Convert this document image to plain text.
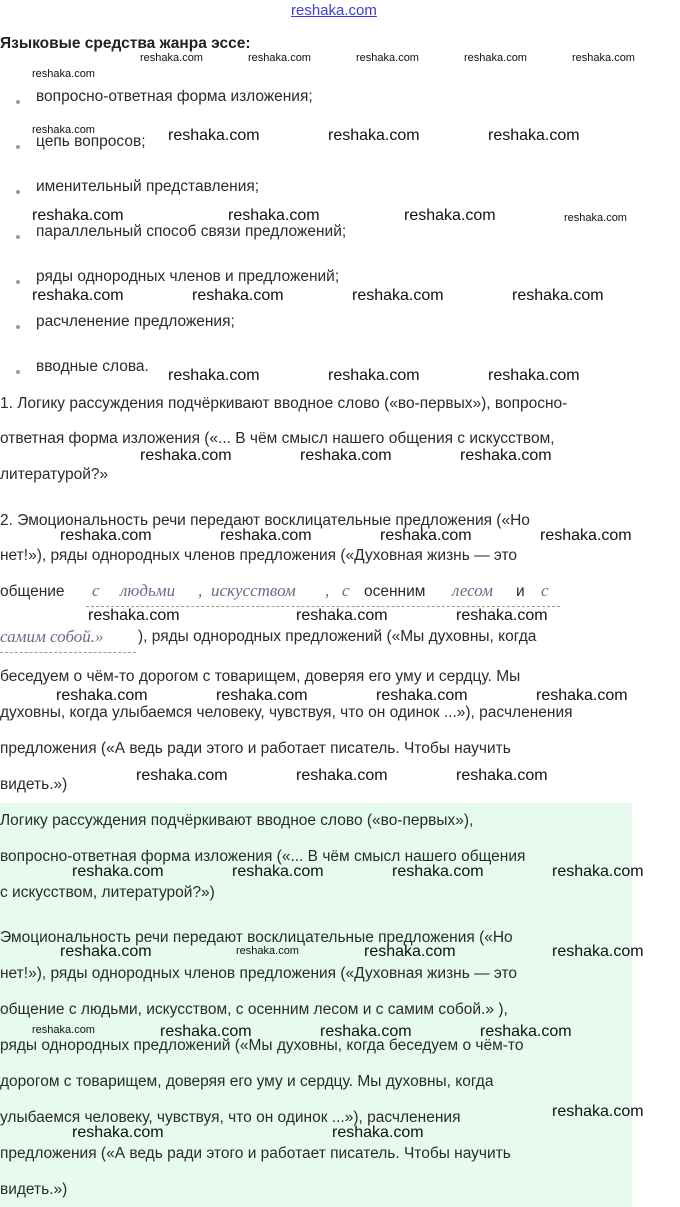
reshaka.com
Языковые средства жанра эссе:
вопросно-ответная форма изложения;
цепь вопросов;
именительный представления;
параллельный способ связи предложений;
ряды однородных членов и предложений;
расчленение предложения;
вводные слова.
1. Логику рассуждения подчёркивают вводное слово («во-первых»), вопросно-
ответная форма изложения («... В чём смысл нашего общения с искусством,
литературой?»
2. Эмоциональность речи передают восклицательные предложения («Но
нет!»), ряды однородных членов предложения («Духовная жизнь — это
общение с людьми , искусством , с осенним лесом и с
самим собой.» ), ряды однородных предложений («Мы духовны, когда
беседуем о чём-то дорогом с товарищем, доверяя его уму и сердцу. Мы
духовны, когда улыбаемся человеку, чувствуя, что он одинок ...»), расчленения
предложения («А ведь ради этого и работает писатель. Чтобы научить
видеть.»)
Логику рассуждения подчёркивают вводное слово («во-первых»),
вопросно-ответная форма изложения («... В чём смысл нашего общения
с искусством, литературой?»)
Эмоциональность речи передают восклицательные предложения («Но
нет!»), ряды однородных членов предложения («Духовная жизнь — это
общение с людьми, искусством, с осенним лесом и с самим собой.» ),
ряды однородных предложений («Мы духовны, когда беседуем о чём-то
дорогом с товарищем, доверяя его уму и сердцу. Мы духовны, когда
улыбаемся человеку, чувствуя, что он одинок ...»), расчленения
предложения («А ведь ради этого и работает писатель. Чтобы научить
видеть.»)
reshaka.com	reshaka.com	reshaka.com	reshaka.com	reshaka.com
reshaka.com
reshaka.com	reshaka.com	reshaka.com	reshaka.com
reshaka.com	reshaka.com	reshaka.com	reshaka.com
reshaka.com	reshaka.com	reshaka.com	reshaka.com
reshaka.com	reshaka.com	reshaka.com
reshaka.com	reshaka.com	reshaka.com
reshaka.com	reshaka.com	reshaka.com	reshaka.com
reshaka.com	reshaka.com	reshaka.com
reshaka.com	reshaka.com	reshaka.com	reshaka.com
reshaka.com	reshaka.com	reshaka.com
reshaka.com	reshaka.com	reshaka.com	reshaka.com
reshaka.com	reshaka.com	reshaka.com	reshaka.com
reshaka.com	reshaka.com	reshaka.com	reshaka.com
reshaka.com
reshaka.com	reshaka.com
